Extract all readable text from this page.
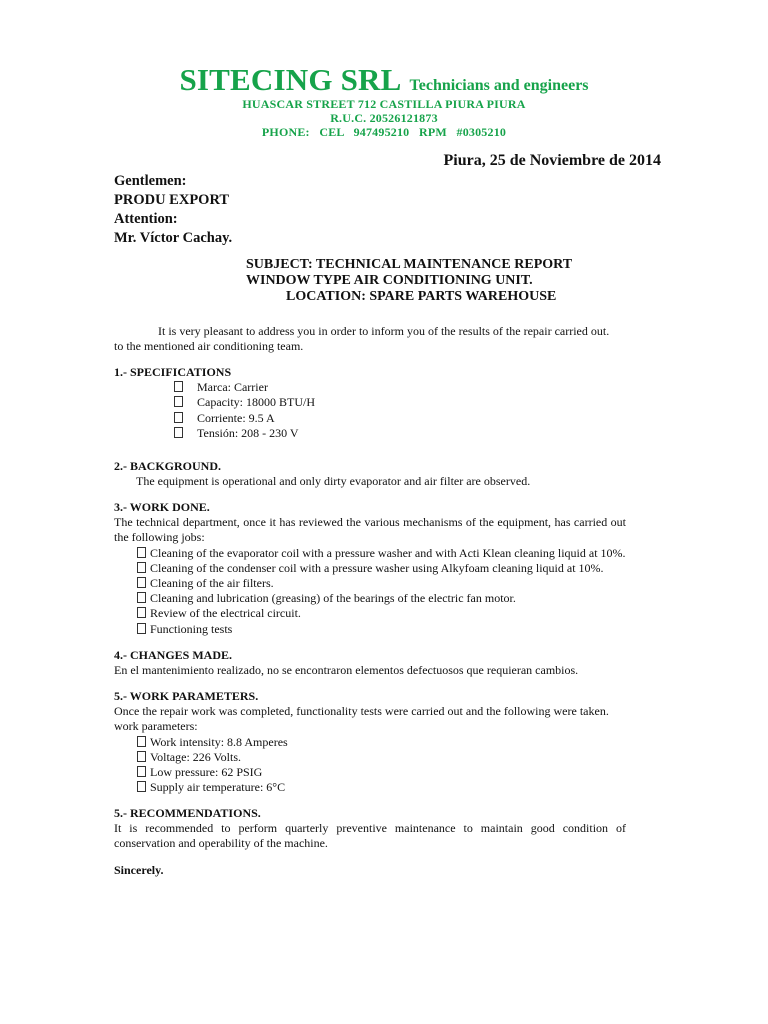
SITECING SRL Technicians and engineers
HUASCAR STREET 712 CASTILLA PIURA PIURA
R.U.C. 20526121873
PHONE:   CEL   947495210   RPM   #0305210
Piura, 25 de Noviembre de 2014
Gentlemen:
PRODU EXPORT
Attention:
Mr. Víctor Cachay.
SUBJECT: TECHNICAL MAINTENANCE REPORT
WINDOW TYPE AIR CONDITIONING UNIT.
LOCATION: SPARE PARTS WAREHOUSE
It is very pleasant to address you in order to inform you of the results of the repair carried out.
to the mentioned air conditioning team.
1.- SPECIFICATIONS
Marca: Carrier
Capacity: 18000 BTU/H
Corriente: 9.5 A
Tensión: 208 - 230 V
2.- BACKGROUND.
The equipment is operational and only dirty evaporator and air filter are observed.
3.- WORK DONE.
The technical department, once it has reviewed the various mechanisms of the equipment, has carried out
the following jobs:
Cleaning of the evaporator coil with a pressure washer and with Acti Klean cleaning liquid at 10%.
Cleaning of the condenser coil with a pressure washer using Alkyfoam cleaning liquid at 10%.
Cleaning of the air filters.
Cleaning and lubrication (greasing) of the bearings of the electric fan motor.
Review of the electrical circuit.
Functioning tests
4.- CHANGES MADE.
En el mantenimiento realizado, no se encontraron elementos defectuosos que requieran cambios.
5.- WORK PARAMETERS.
Once the repair work was completed, functionality tests were carried out and the following were taken.
work parameters:
Work intensity: 8.8 Amperes
Voltage: 226 Volts.
Low pressure: 62 PSIG
Supply air temperature: 6°C
5.- RECOMMENDATIONS.
It is recommended to perform quarterly preventive maintenance to maintain good condition of
conservation and operability of the machine.
Sincerely.
